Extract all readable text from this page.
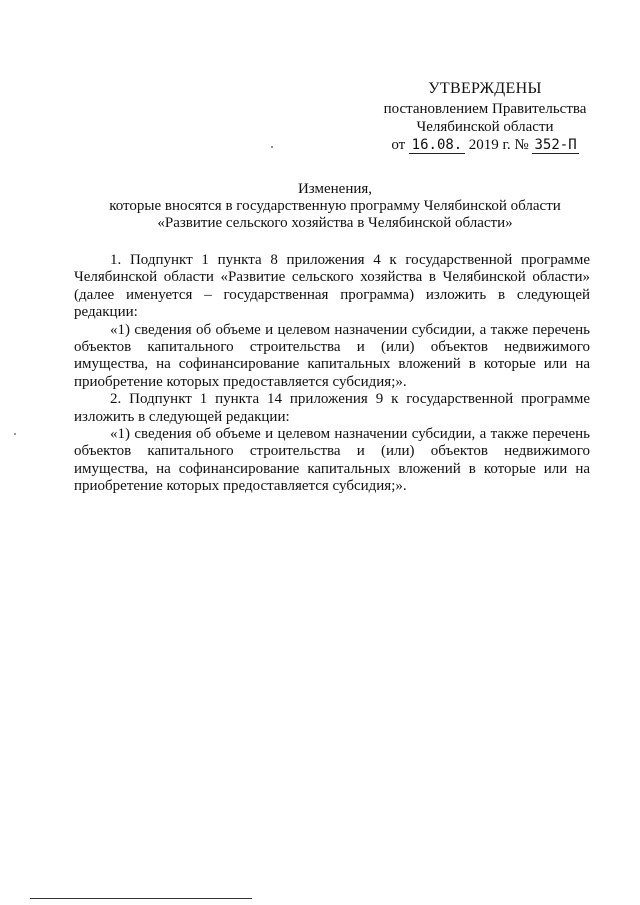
УТВЕРЖДЕНЫ
постановлением Правительства
Челябинской области
от 16.08. 2019 г. № 352-П
Изменения,
которые вносятся в государственную программу Челябинской области
«Развитие сельского хозяйства в Челябинской области»

1. Подпункт 1 пункта 8 приложения 4 к государственной программе Челябинской области «Развитие сельского хозяйства в Челябинской области» (далее именуется – государственная программа) изложить в следующей редакции:

«1) сведения об объеме и целевом назначении субсидии, а также перечень объектов капитального строительства и (или) объектов недвижимого имущества, на софинансирование капитальных вложений в которые или на приобретение которых предоставляется субсидия;».

2. Подпункт 1 пункта 14 приложения 9 к государственной программе изложить в следующей редакции:

«1) сведения об объеме и целевом назначении субсидии, а также перечень объектов капитального строительства и (или) объектов недвижимого имущества, на софинансирование капитальных вложений в которые или на приобретение которых предоставляется субсидия;».
